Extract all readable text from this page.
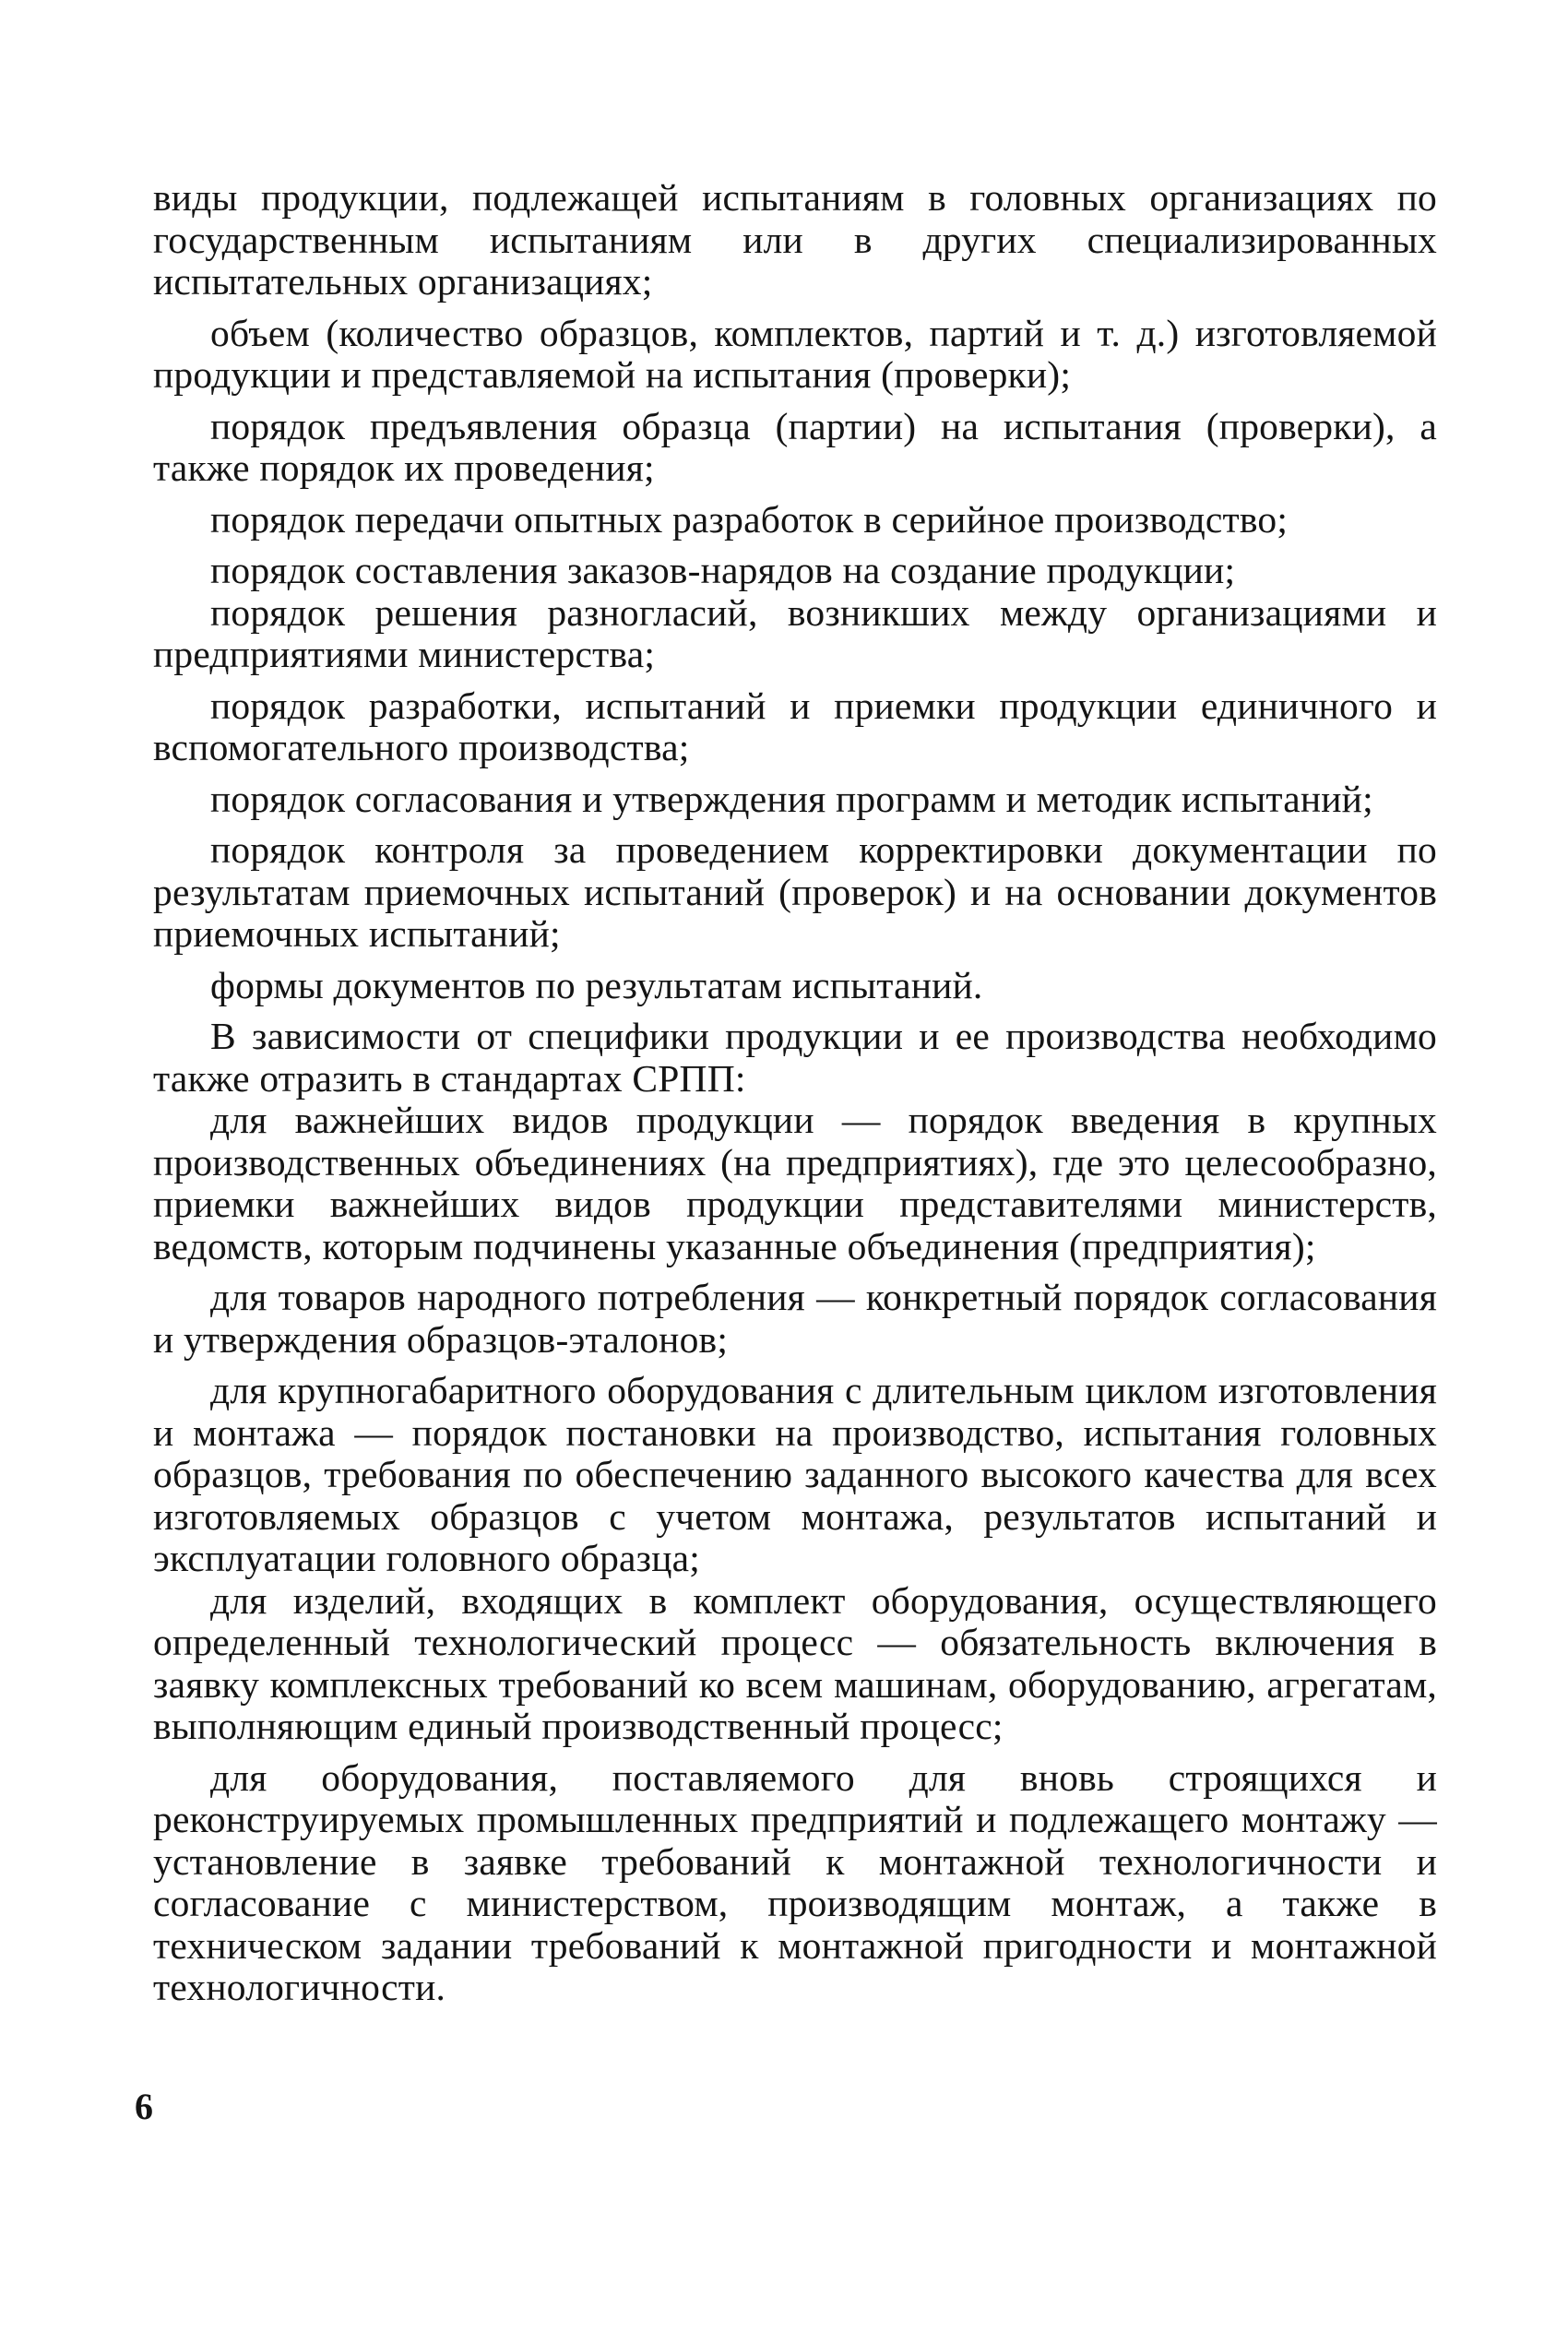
виды продукции, подлежащей испытаниям в головных организациях по государственным испытаниям или в других специализированных испытательных организациях;

объем (количество образцов, комплектов, партий и т. д.) изготовляемой продукции и представляемой на испытания (проверки);

порядок предъявления образца (партии) на испытания (проверки), а также порядок их проведения;

порядок передачи опытных разработок в серийное производство;

порядок составления заказов-нарядов на создание продукции;

порядок решения разногласий, возникших между организациями и предприятиями министерства;

порядок разработки, испытаний и приемки продукции единичного и вспомогательного производства;

порядок согласования и утверждения программ и методик испытаний;

порядок контроля за проведением корректировки документации по результатам приемочных испытаний (проверок) и на основании документов приемочных испытаний;

формы документов по результатам испытаний.

В зависимости от специфики продукции и ее производства необходимо также отразить в стандартах СРПП:

для важнейших видов продукции — порядок введения в крупных производственных объединениях (на предприятиях), где это целесообразно, приемки важнейших видов продукции представителями министерств, ведомств, которым подчинены указанные объединения (предприятия);

для товаров народного потребления — конкретный порядок согласования и утверждения образцов-эталонов;

для крупногабаритного оборудования с длительным циклом изготовления и монтажа — порядок постановки на производство, испытания головных образцов, требования по обеспечению заданного высокого качества для всех изготовляемых образцов с учетом монтажа, результатов испытаний и эксплуатации головного образца;

для изделий, входящих в комплект оборудования, осуществляющего определенный технологический процесс — обязательность включения в заявку комплексных требований ко всем машинам, оборудованию, агрегатам, выполняющим единый производственный процесс;

для оборудования, поставляемого для вновь строящихся и реконструируемых промышленных предприятий и подлежащего монтажу — установление в заявке требований к монтажной технологичности и согласование с министерством, производящим монтаж, а также в техническом задании требований к монтажной пригодности и монтажной технологичности.

6
